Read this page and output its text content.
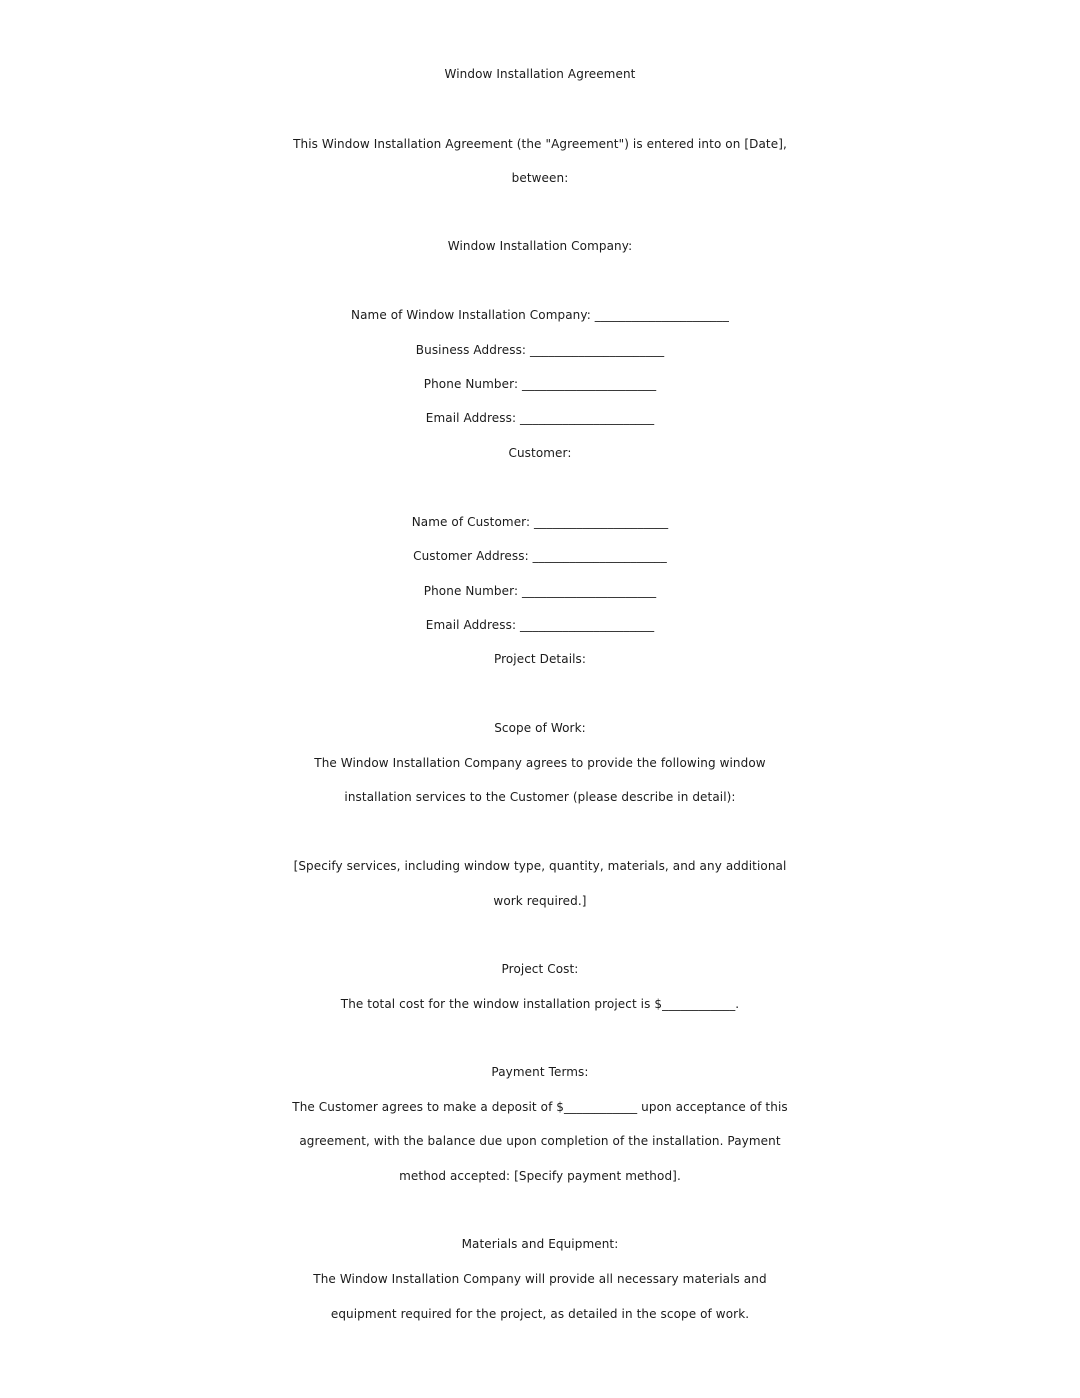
Window Installation Agreement
This Window Installation Agreement (the "Agreement") is entered into on [Date],
between:
Window Installation Company:
Name of Window Installation Company: ______________________
Business Address: ______________________
Phone Number: ______________________
Email Address: ______________________
Customer:
Name of Customer: ______________________
Customer Address: ______________________
Phone Number: ______________________
Email Address: ______________________
Project Details:
Scope of Work:
The Window Installation Company agrees to provide the following window
installation services to the Customer (please describe in detail):
[Specify services, including window type, quantity, materials, and any additional
work required.]
Project Cost:
The total cost for the window installation project is $____________.
Payment Terms:
The Customer agrees to make a deposit of $____________ upon acceptance of this
agreement, with the balance due upon completion of the installation. Payment
method accepted: [Specify payment method].
Materials and Equipment:
The Window Installation Company will provide all necessary materials and
equipment required for the project, as detailed in the scope of work.
